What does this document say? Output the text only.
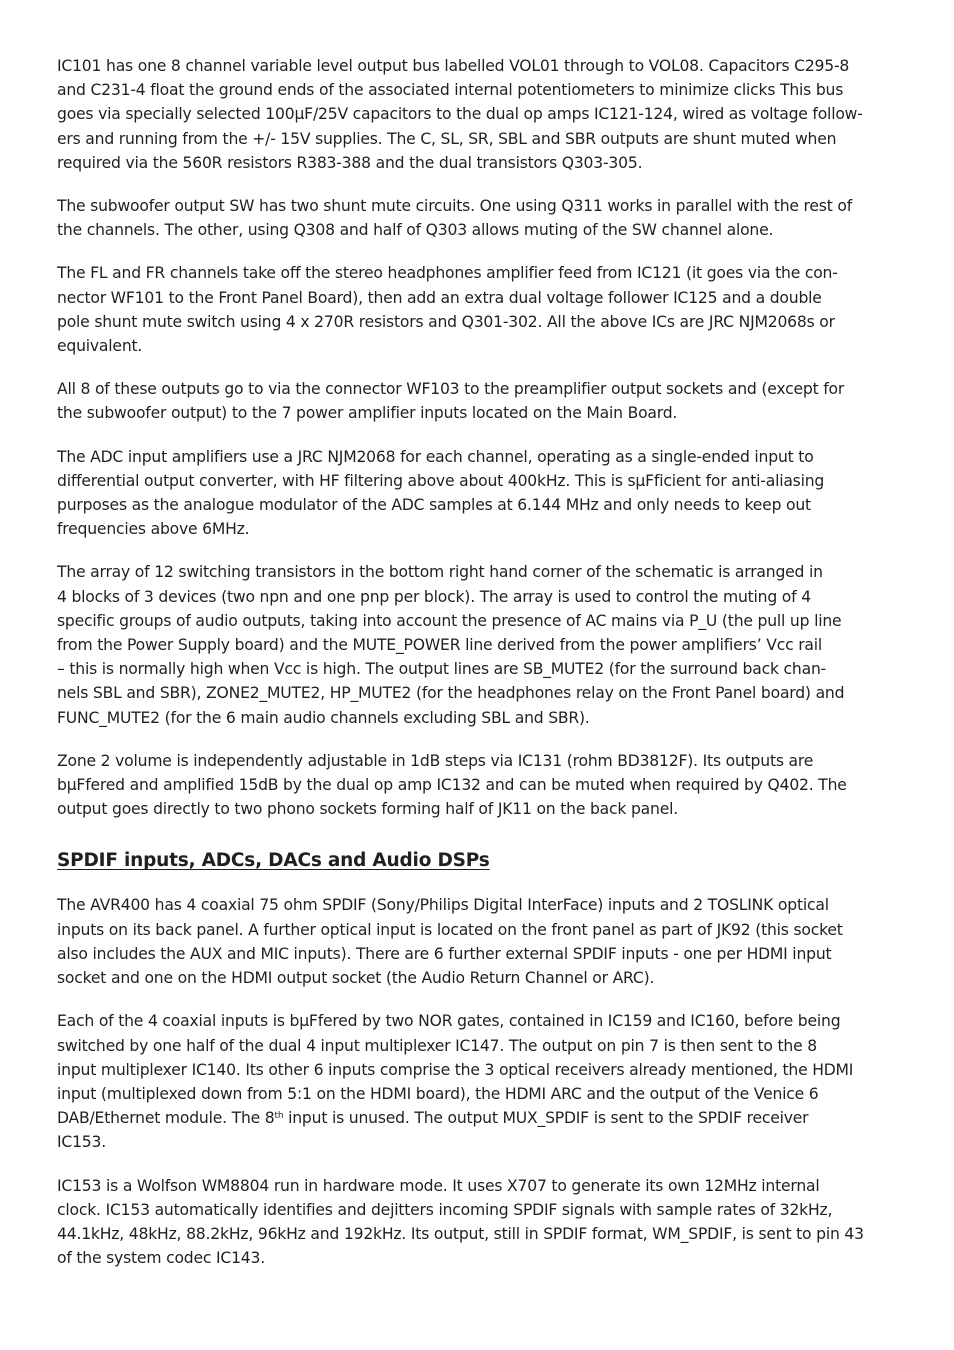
IC101 has one 8 channel variable level output bus labelled VOL01 through to VOL08. Capacitors C295-8
and C231-4 float the ground ends of the associated internal potentiometers to minimize clicks This bus
goes via specially selected 100µF/25V capacitors to the dual op amps IC121-124, wired as voltage follow-
ers and running from the +/- 15V supplies. The C, SL, SR, SBL and SBR outputs are shunt muted when
required via the 560R resistors R383-388 and the dual transistors Q303-305.

The subwoofer output SW has two shunt mute circuits. One using Q311 works in parallel with the rest of
the channels. The other, using Q308 and half of Q303 allows muting of the SW channel alone.

The FL and FR channels take off the stereo headphones amplifier feed from IC121 (it goes via the con-
nector WF101 to the Front Panel Board), then add an extra dual voltage follower IC125 and a double
pole shunt mute switch using 4 x 270R resistors and Q301-302. All the above ICs are JRC NJM2068s or
equivalent.

All 8 of these outputs go to via the connector WF103 to the preamplifier output sockets and (except for
the subwoofer output) to the 7 power amplifier inputs located on the Main Board.

The ADC input amplifiers use a JRC NJM2068 for each channel, operating as a single-ended input to
differential output converter, with HF filtering above about 400kHz. This is sµFficient for anti-aliasing
purposes as the analogue modulator of the ADC samples at 6.144 MHz and only needs to keep out
frequencies above 6MHz.

The array of 12 switching transistors in the bottom right hand corner of the schematic is arranged in
4 blocks of 3 devices (two npn and one pnp per block). The array is used to control the muting of 4
specific groups of audio outputs, taking into account the presence of AC mains via P_U (the pull up line
from the Power Supply board) and the MUTE_POWER line derived from the power amplifiers’ Vcc rail
– this is normally high when Vcc is high. The output lines are SB_MUTE2 (for the surround back chan-
nels SBL and SBR), ZONE2_MUTE2, HP_MUTE2 (for the headphones relay on the Front Panel board) and
FUNC_MUTE2 (for the 6 main audio channels excluding SBL and SBR).

Zone 2 volume is independently adjustable in 1dB steps via IC131 (rohm BD3812F). Its outputs are
bµFfered and amplified 15dB by the dual op amp IC132 and can be muted when required by Q402. The
output goes directly to two phono sockets forming half of JK11 on the back panel.

SPDIF inputs, ADCs, DACs and Audio DSPs

The AVR400 has 4 coaxial 75 ohm SPDIF (Sony/Philips Digital InterFace) inputs and 2 TOSLINK optical
inputs on its back panel. A further optical input is located on the front panel as part of JK92 (this socket
also includes the AUX and MIC inputs). There are 6 further external SPDIF inputs - one per HDMI input
socket and one on the HDMI output socket (the Audio Return Channel or ARC).

Each of the 4 coaxial inputs is bµFfered by two NOR gates, contained in IC159 and IC160, before being
switched by one half of the dual 4 input multiplexer IC147. The output on pin 7 is then sent to the 8
input multiplexer IC140. Its other 6 inputs comprise the 3 optical receivers already mentioned, the HDMI
input (multiplexed down from 5:1 on the HDMI board), the HDMI ARC and the output of the Venice 6
DAB/Ethernet module. The 8th input is unused. The output MUX_SPDIF is sent to the SPDIF receiver
IC153.

IC153 is a Wolfson WM8804 run in hardware mode. It uses X707 to generate its own 12MHz internal
clock. IC153 automatically identifies and dejitters incoming SPDIF signals with sample rates of 32kHz,
44.1kHz, 48kHz, 88.2kHz, 96kHz and 192kHz. Its output, still in SPDIF format, WM_SPDIF, is sent to pin 43
of the system codec IC143.
